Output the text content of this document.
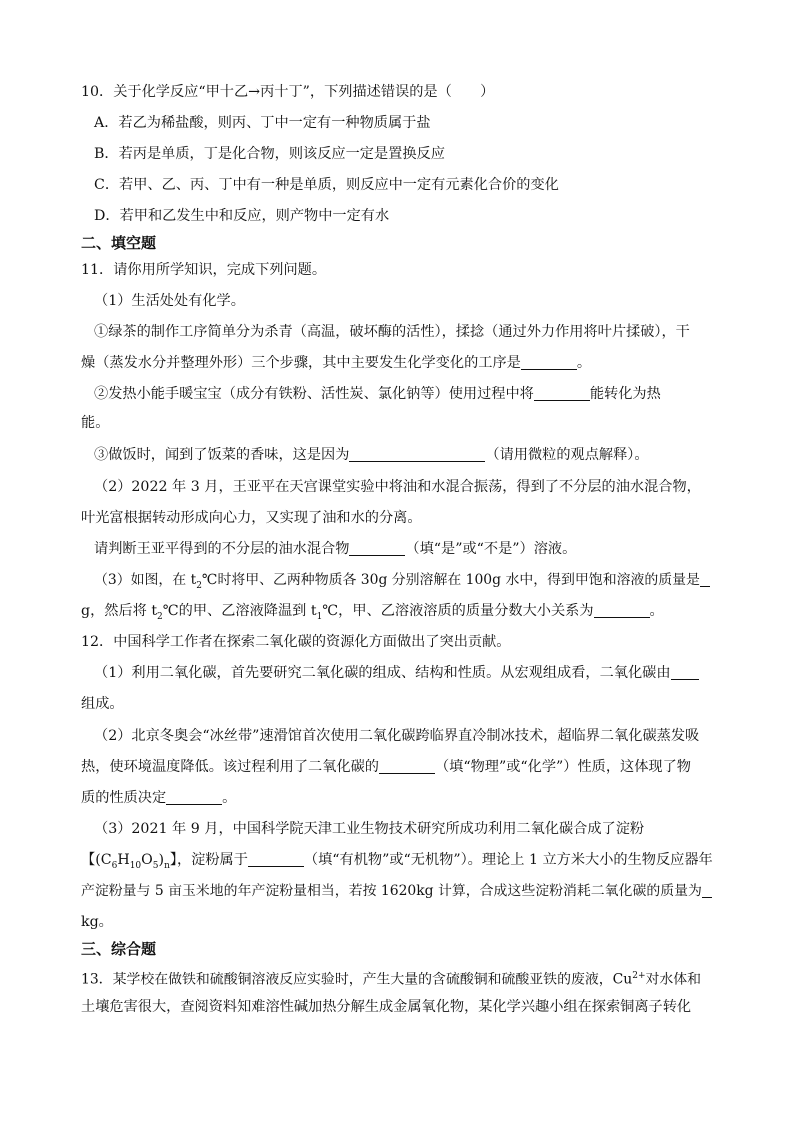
10．关于化学反应“甲十乙→丙十丁”，下列描述错误的是（　　）
A．若乙为稀盐酸，则丙、丁中一定有一种物质属于盐
B．若丙是单质，丁是化合物，则该反应一定是置换反应
C．若甲、乙、丙、丁中有一种是单质，则反应中一定有元素化合价的变化
D．若甲和乙发生中和反应，则产物中一定有水
二、填空题
11．请你用所学知识，完成下列问题。
（1）生活处处有化学。
①绿茶的制作工序简单分为杀青（高温，破坏酶的活性），揉捻（通过外力作用将叶片揉破），干
燥（蒸发水分并整理外形）三个步骤，其中主要发生化学变化的工序是	。
②发热小能手暖宝宝（成分有铁粉、活性炭、氯化钠等）使用过程中将	能转化为热
能。
③做饭时，闻到了饭菜的香味，这是因为	（请用微粒的观点解释）。
（2）2022 年 3 月，王亚平在天宫课堂实验中将油和水混合振荡，得到了不分层的油水混合物，
叶光富根据转动形成向心力，又实现了油和水的分离。
请判断王亚平得到的不分层的油水混合物	（填“是”或“不是”）溶液。
（3）如图，在 $t_2℃$时将甲、乙两种物质各 30g 分别溶解在 100g 水中，得到甲饱和溶液的质量是
g，然后将 $t_2℃$的甲、乙溶液降温到 $t_1℃$，甲、乙溶液溶质的质量分数大小关系为	。
12．中国科学工作者在探索二氧化碳的资源化方面做出了突出贡献。
（1）利用二氧化碳，首先要研究二氧化碳的组成、结构和性质。从宏观组成看，二氧化碳由
组成。
（2）北京冬奥会“冰丝带”速滑馆首次使用二氧化碳跨临界直冷制冰技术，超临界二氧化碳蒸发吸
热，使环境温度降低。该过程利用了二氧化碳的	（填“物理”或“化学”）性质，这体现了物
质的性质决定	。
（3）2021 年 9 月，中国科学院天津工业生物技术研究所成功利用二氧化碳合成了淀粉
【$(C_6H_{10}O_5)_n$】，淀粉属于	（填“有机物”或“无机物”）。理论上 1 立方米大小的生物反应器年
产淀粉量与 5 亩玉米地的年产淀粉量相当，若按 1620kg 计算，合成这些淀粉消耗二氧化碳的质量为
kg。
三、综合题
13．某学校在做铁和硫酸铜溶液反应实验时，产生大量的含硫酸铜和硫酸亚铁的废液，$Cu^{2+}$对水体和
土壤危害很大，查阅资料知难溶性碱加热分解生成金属氧化物，某化学兴趣小组在探索铜离子转化
